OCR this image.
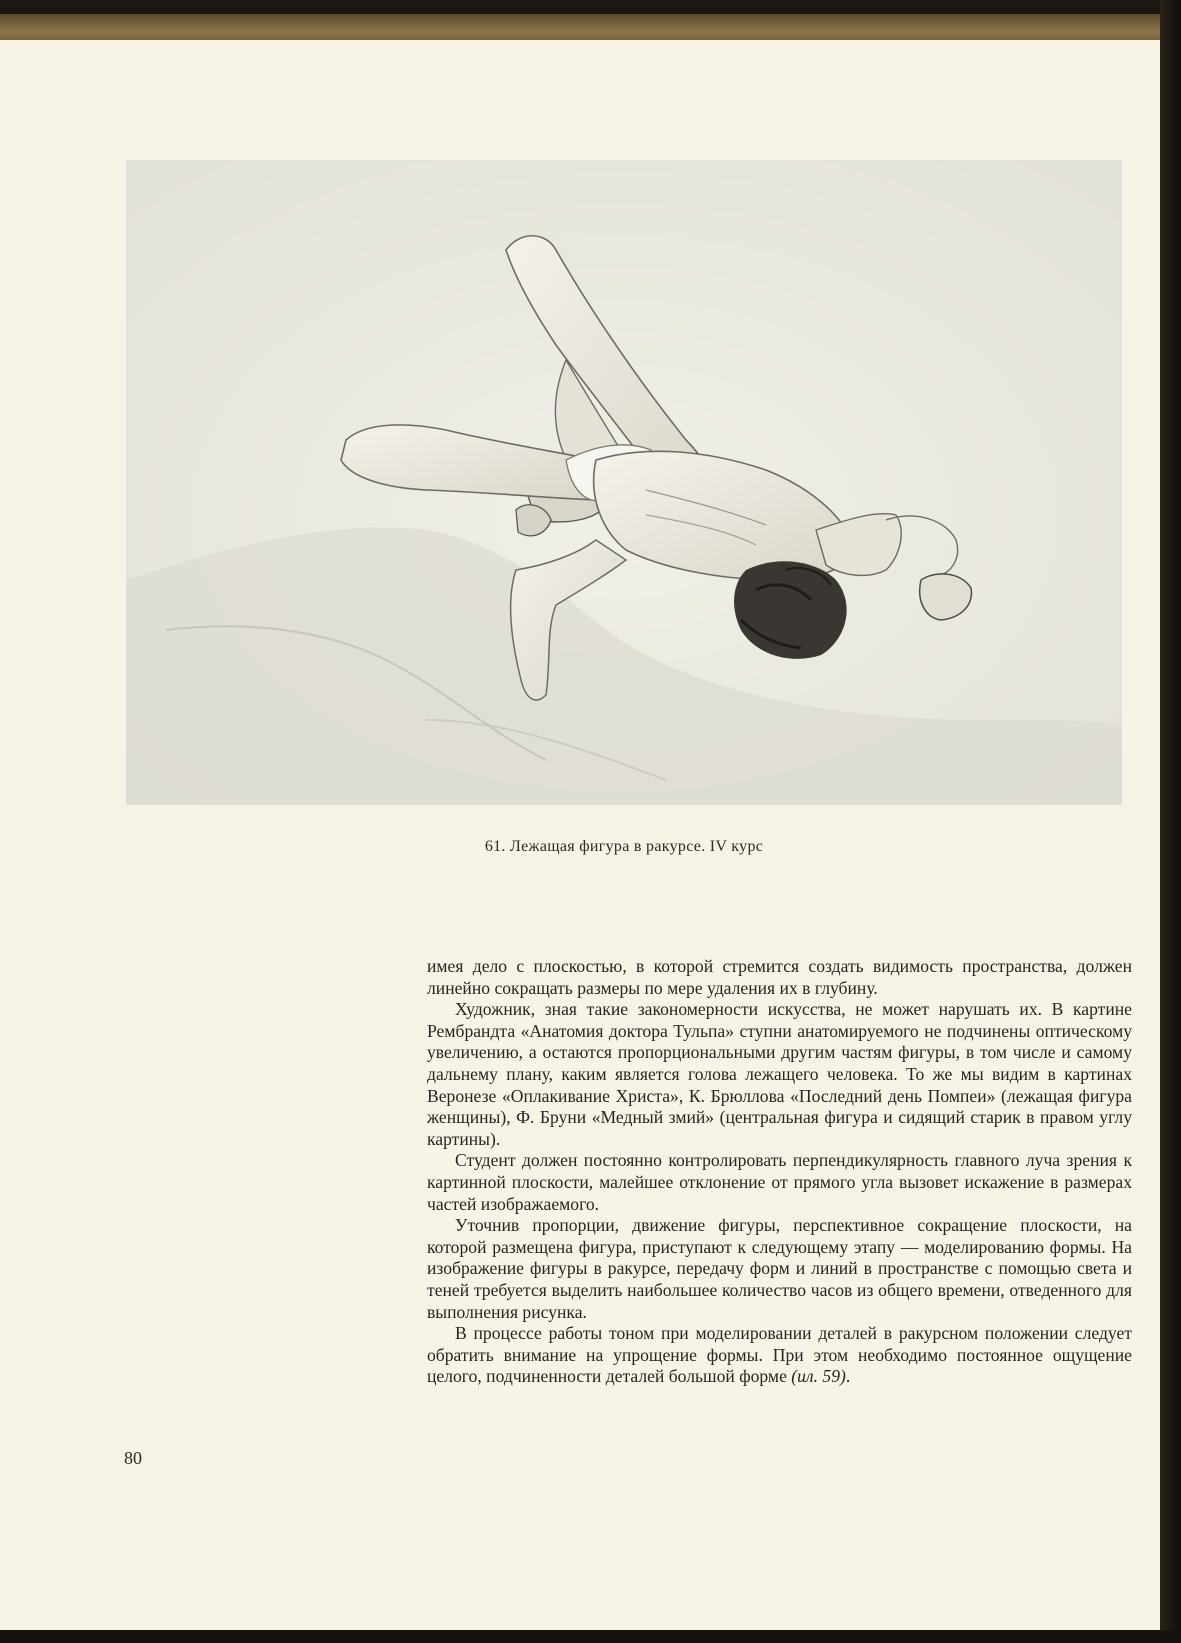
61. Лежащая фигура в ракурсе. IV курс

имея дело с плоскостью, в которой стремится создать видимость пространства, должен линейно сокращать размеры по мере удаления их в глубину.

Художник, зная такие закономерности искусства, не может нарушать их. В картине Рембрандта «Анатомия доктора Тульпа» ступни анатомируемого не подчинены оптическому увеличению, а остаются пропорциональными другим частям фигуры, в том числе и самому дальнему плану, каким является голова лежащего человека. То же мы видим в картинах Веронезе «Оплакивание Христа», К. Брюллова «Последний день Помпеи» (лежащая фигура женщины), Ф. Бруни «Медный змий» (центральная фигура и сидящий старик в правом углу картины).

Студент должен постоянно контролировать перпендикулярность главного луча зрения к картинной плоскости, малейшее отклонение от прямого угла вызовет искажение в размерах частей изображаемого.

Уточнив пропорции, движение фигуры, перспективное сокращение плоскости, на которой размещена фигура, приступают к следующему этапу — моделированию формы. На изображение фигуры в ракурсе, передачу форм и линий в пространстве с помощью света и теней требуется выделить наибольшее количество часов из общего времени, отведенного для выполнения рисунка.

В процессе работы тоном при моделировании деталей в ракурсном положении следует обратить внимание на упрощение формы. При этом необходимо постоянное ощущение целого, подчиненности деталей большой форме (ил. 59).

80
